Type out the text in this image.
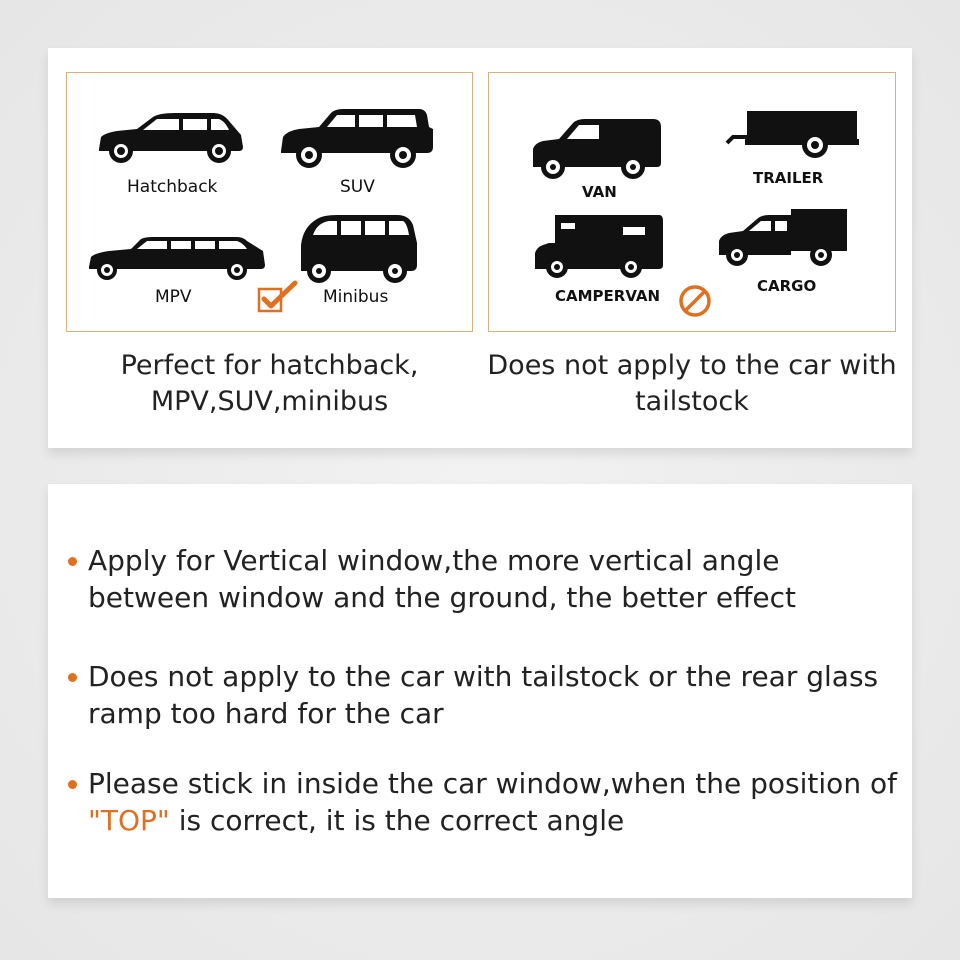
Hatchback	SUV
MPV	Minibus
VAN
TRAILER
CAMPERVAN
CARGO
Perfect for hatchback,
MPV,SUV,minibus
Does not apply to the car with
tailstock
Apply for Vertical window,the more vertical angle
between window and the ground, the better effect
Does not apply to the car with tailstock or the rear glass
ramp too hard for the car
Please stick in inside the car window,when the position of
"TOP" is correct, it is the correct angle
